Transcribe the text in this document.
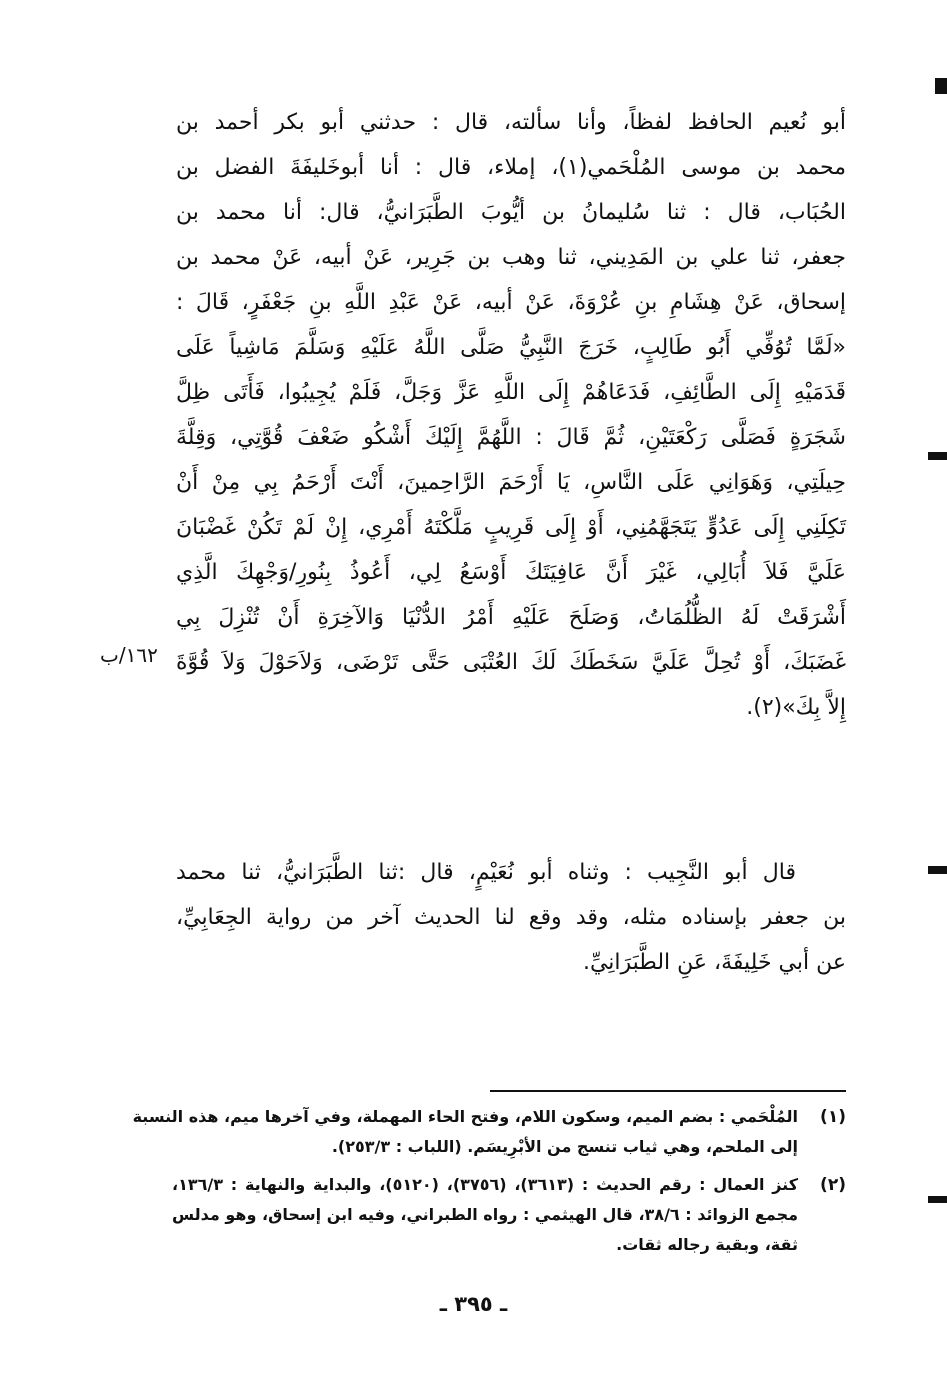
أبو نُعيم الحافظ لفظاً، وأنا سألته، قال : حدثني أبو بكر أحمد بن
محمد بن موسى المُلْحَمي(١)، إملاء، قال : أنا أبوخَليفَةَ الفضل بن
الحُبَاب، قال : ثنا سُليمانُ بن أيُّوبَ الطَّبَرَانيُّ، قال: أنا محمد بن
جعفر، ثنا علي بن المَدِيني، ثنا وهب بن جَرِير، عَنْ أبيه، عَنْ محمد بن
إسحاق، عَنْ هِشَامِ بنِ عُرْوَةَ، عَنْ أبيه، عَنْ عَبْدِ اللَّهِ بنِ جَعْفَرٍ، قَالَ :
«لَمَّا تُوُفِّي أَبُو طَالِبٍ، خَرَجَ النَّبِيُّ صَلَّى اللَّهُ عَلَيْهِ وَسَلَّمَ مَاشِياً عَلَى
قَدَمَيْهِ إِلَى الطَّائِفِ، فَدَعَاهُمْ إِلَى اللَّهِ عَزَّ وَجَلَّ، فَلَمْ يُجِيبُوا، فَأَتَى ظِلَّ
شَجَرَةٍ فَصَلَّى رَكْعَتَيْنِ، ثُمَّ قَالَ : اللَّهُمَّ إِلَيْكَ أَشْكُو ضَعْفَ قُوَّتِي، وَقِلَّةَ
حِيلَتِي، وَهَوَانِي عَلَى النَّاسِ، يَا أَرْحَمَ الرَّاحِمينَ، أَنْتَ أَرْحَمُ بِي مِنْ أَنْ
تَكِلَنِي إِلَى عَدُوٍّ يَتَجَهَّمُنِي، أَوْ إِلَى قَرِيبٍ مَلَّكْتَهُ أَمْرِي، إِنْ لَمْ تَكُنْ غَضْبَانَ
عَلَيَّ فَلاَ أُبَالِي، غَيْرَ أَنَّ عَافِيَتَكَ أَوْسَعُ لِي، أَعُوذُ بِنُورِ/وَجْهِكَ الَّذِي
أَشْرَقَتْ لَهُ الظُّلُمَاتُ، وَصَلَحَ عَلَيْهِ أَمْرُ الدُّنْيَا وَالآخِرَةِ أَنْ تُنْزِلَ بِي
غَضَبَكَ، أَوْ تُحِلَّ عَلَيَّ سَخَطَكَ لَكَ العُتْبَى حَتَّى تَرْضَى، وَلاَحَوْلَ وَلاَ قُوَّةَ
إِلاَّ بِكَ»(٢).
١٦٢/ب
قال أبو النَّجِيب : وثناه أبو نُعَيْمٍ، قال :ثنا الطَّبَرَانيُّ، ثنا محمد
بن جعفر بإسناده مثله، وقد وقع لنا الحديث آخر من رواية الجِعَابِيِّ،
عن أبي خَلِيفَةَ، عَنِ الطَّبَرَانِيِّ.
(١)
المُلْحَمي : بضم الميم، وسكون اللام، وفتح الحاء المهملة، وفي آخرها ميم، هذه النسبة
إلى الملحم، وهي ثياب تنسج من الأبْرِيسَم. (اللباب : ٢٥٣/٣).
(٢)
كنز العمال : رقم الحديث : (٣٦١٣)، (٣٧٥٦)، (٥١٢٠)، والبداية والنهاية : ١٣٦/٣،
مجمع الزوائد : ٣٨/٦، قال الهيثمي : رواه الطبراني، وفيه ابن إسحاق، وهو مدلس
ثقة، وبقية رجاله ثقات.
ـ ٣٩٥ ـ
